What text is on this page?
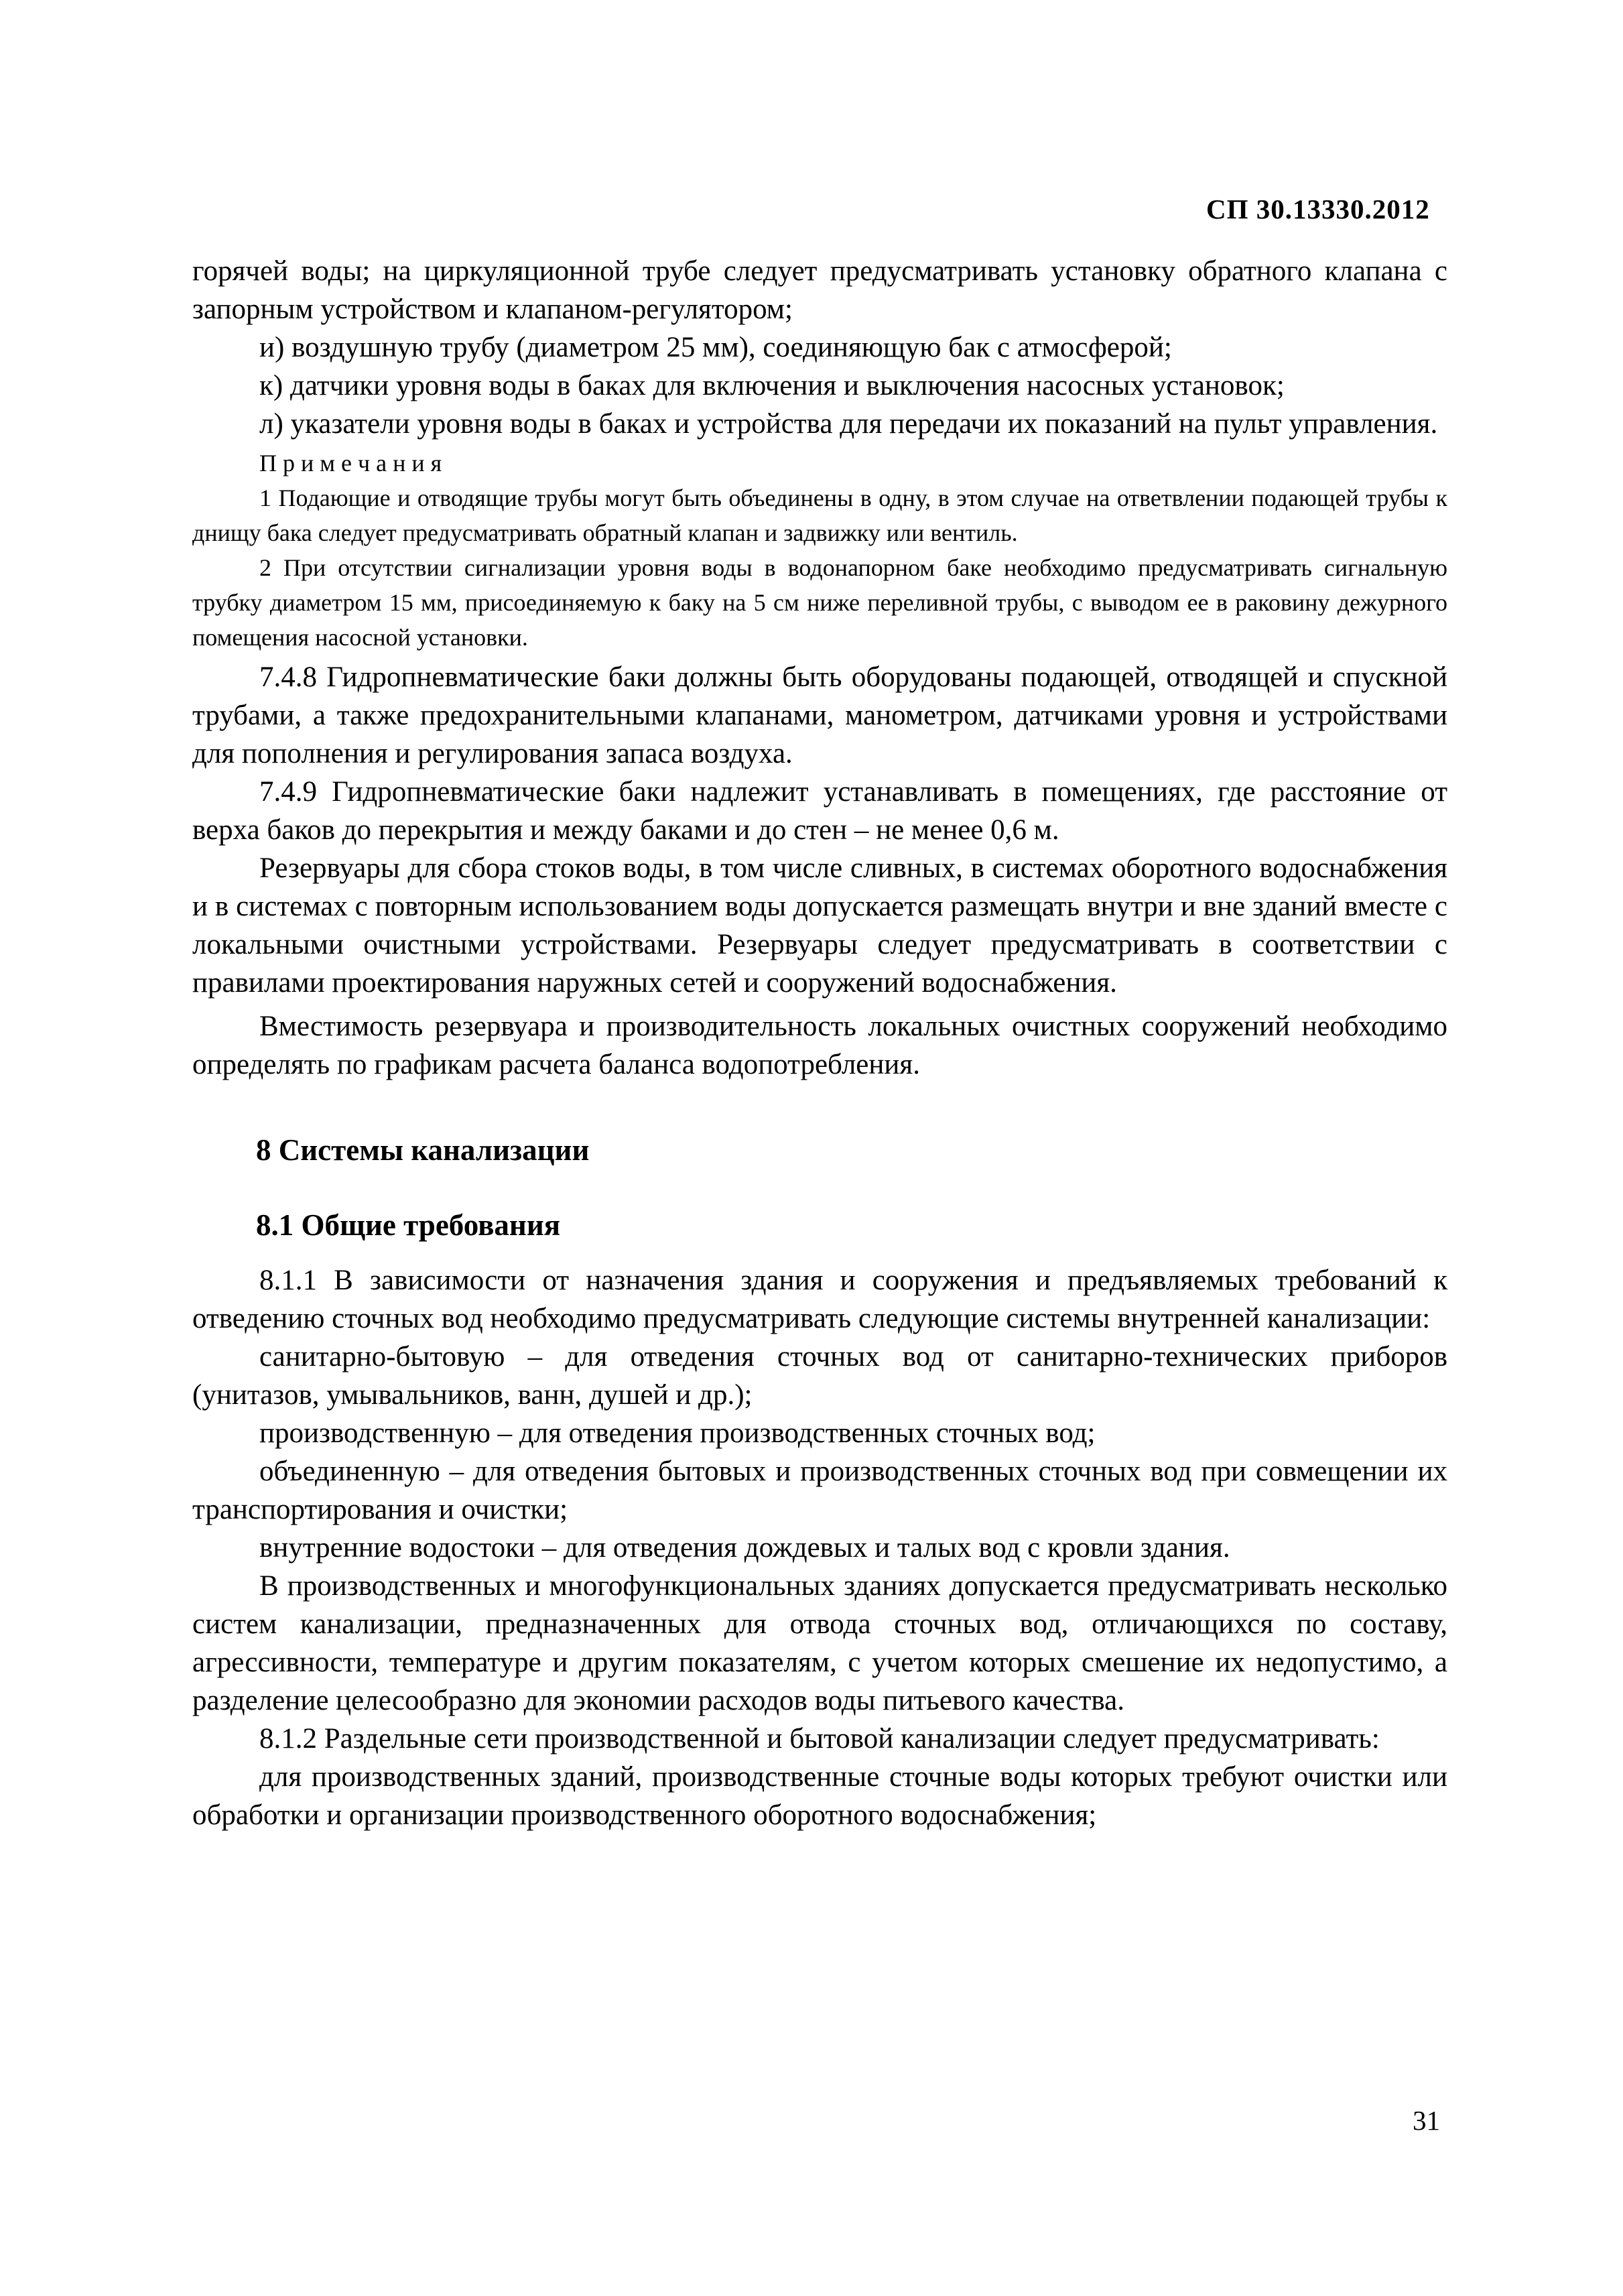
СП 30.13330.2012

горячей воды; на циркуляционной трубе следует предусматривать установку обратного клапана с запорным устройством и клапаном-регулятором;

и) воздушную трубу (диаметром 25 мм), соединяющую бак с атмосферой;

к) датчики уровня воды в баках для включения и выключения насосных установок;

л) указатели уровня воды в баках и устройства для передачи их показаний на пульт управления.

П р и м е ч а н и я

1 Подающие и отводящие трубы могут быть объединены в одну, в этом случае на ответвлении подающей трубы к днищу бака следует предусматривать обратный клапан и задвижку или вентиль.

2 При отсутствии сигнализации уровня воды в водонапорном баке необходимо предусматривать сигнальную трубку диаметром 15 мм, присоединяемую к баку на 5 см ниже переливной трубы, с выводом ее в раковину дежурного помещения насосной установки.

7.4.8 Гидропневматические баки должны быть оборудованы подающей, отводящей и спускной трубами, а также предохранительными клапанами, манометром, датчиками уровня и устройствами для пополнения и регулирования запаса воздуха.

7.4.9 Гидропневматические баки надлежит устанавливать в помещениях, где расстояние от верха баков до перекрытия и между баками и до стен – не менее 0,6 м.

Резервуары для сбора стоков воды, в том числе сливных, в системах оборотного водоснабжения и в системах с повторным использованием воды допускается размещать внутри и вне зданий вместе с локальными очистными устройствами. Резервуары следует предусматривать в соответствии с правилами проектирования наружных сетей и сооружений водоснабжения.

Вместимость резервуара и производительность локальных очистных сооружений необходимо определять по графикам расчета баланса водопотребления.

8 Системы канализации
8.1 Общие требования

8.1.1 В зависимости от назначения здания и сооружения и предъявляемых требований к отведению сточных вод необходимо предусматривать следующие системы внутренней канализации:

санитарно-бытовую – для отведения сточных вод от санитарно-технических приборов (унитазов, умывальников, ванн, душей и др.);

производственную – для отведения производственных сточных вод;

объединенную – для отведения бытовых и производственных сточных вод при совмещении их транспортирования и очистки;

внутренние водостоки – для отведения дождевых и талых вод с кровли здания.

В производственных и многофункциональных зданиях допускается предусматривать несколько систем канализации, предназначенных для отвода сточных вод, отличающихся по составу, агрессивности, температуре и другим показателям, с учетом которых смешение их недопустимо, а разделение целесообразно для экономии расходов воды питьевого качества.

8.1.2 Раздельные сети производственной и бытовой канализации следует предусматривать:

для производственных зданий, производственные сточные воды которых требуют очистки или обработки и организации производственного оборотного водоснабжения;

31
